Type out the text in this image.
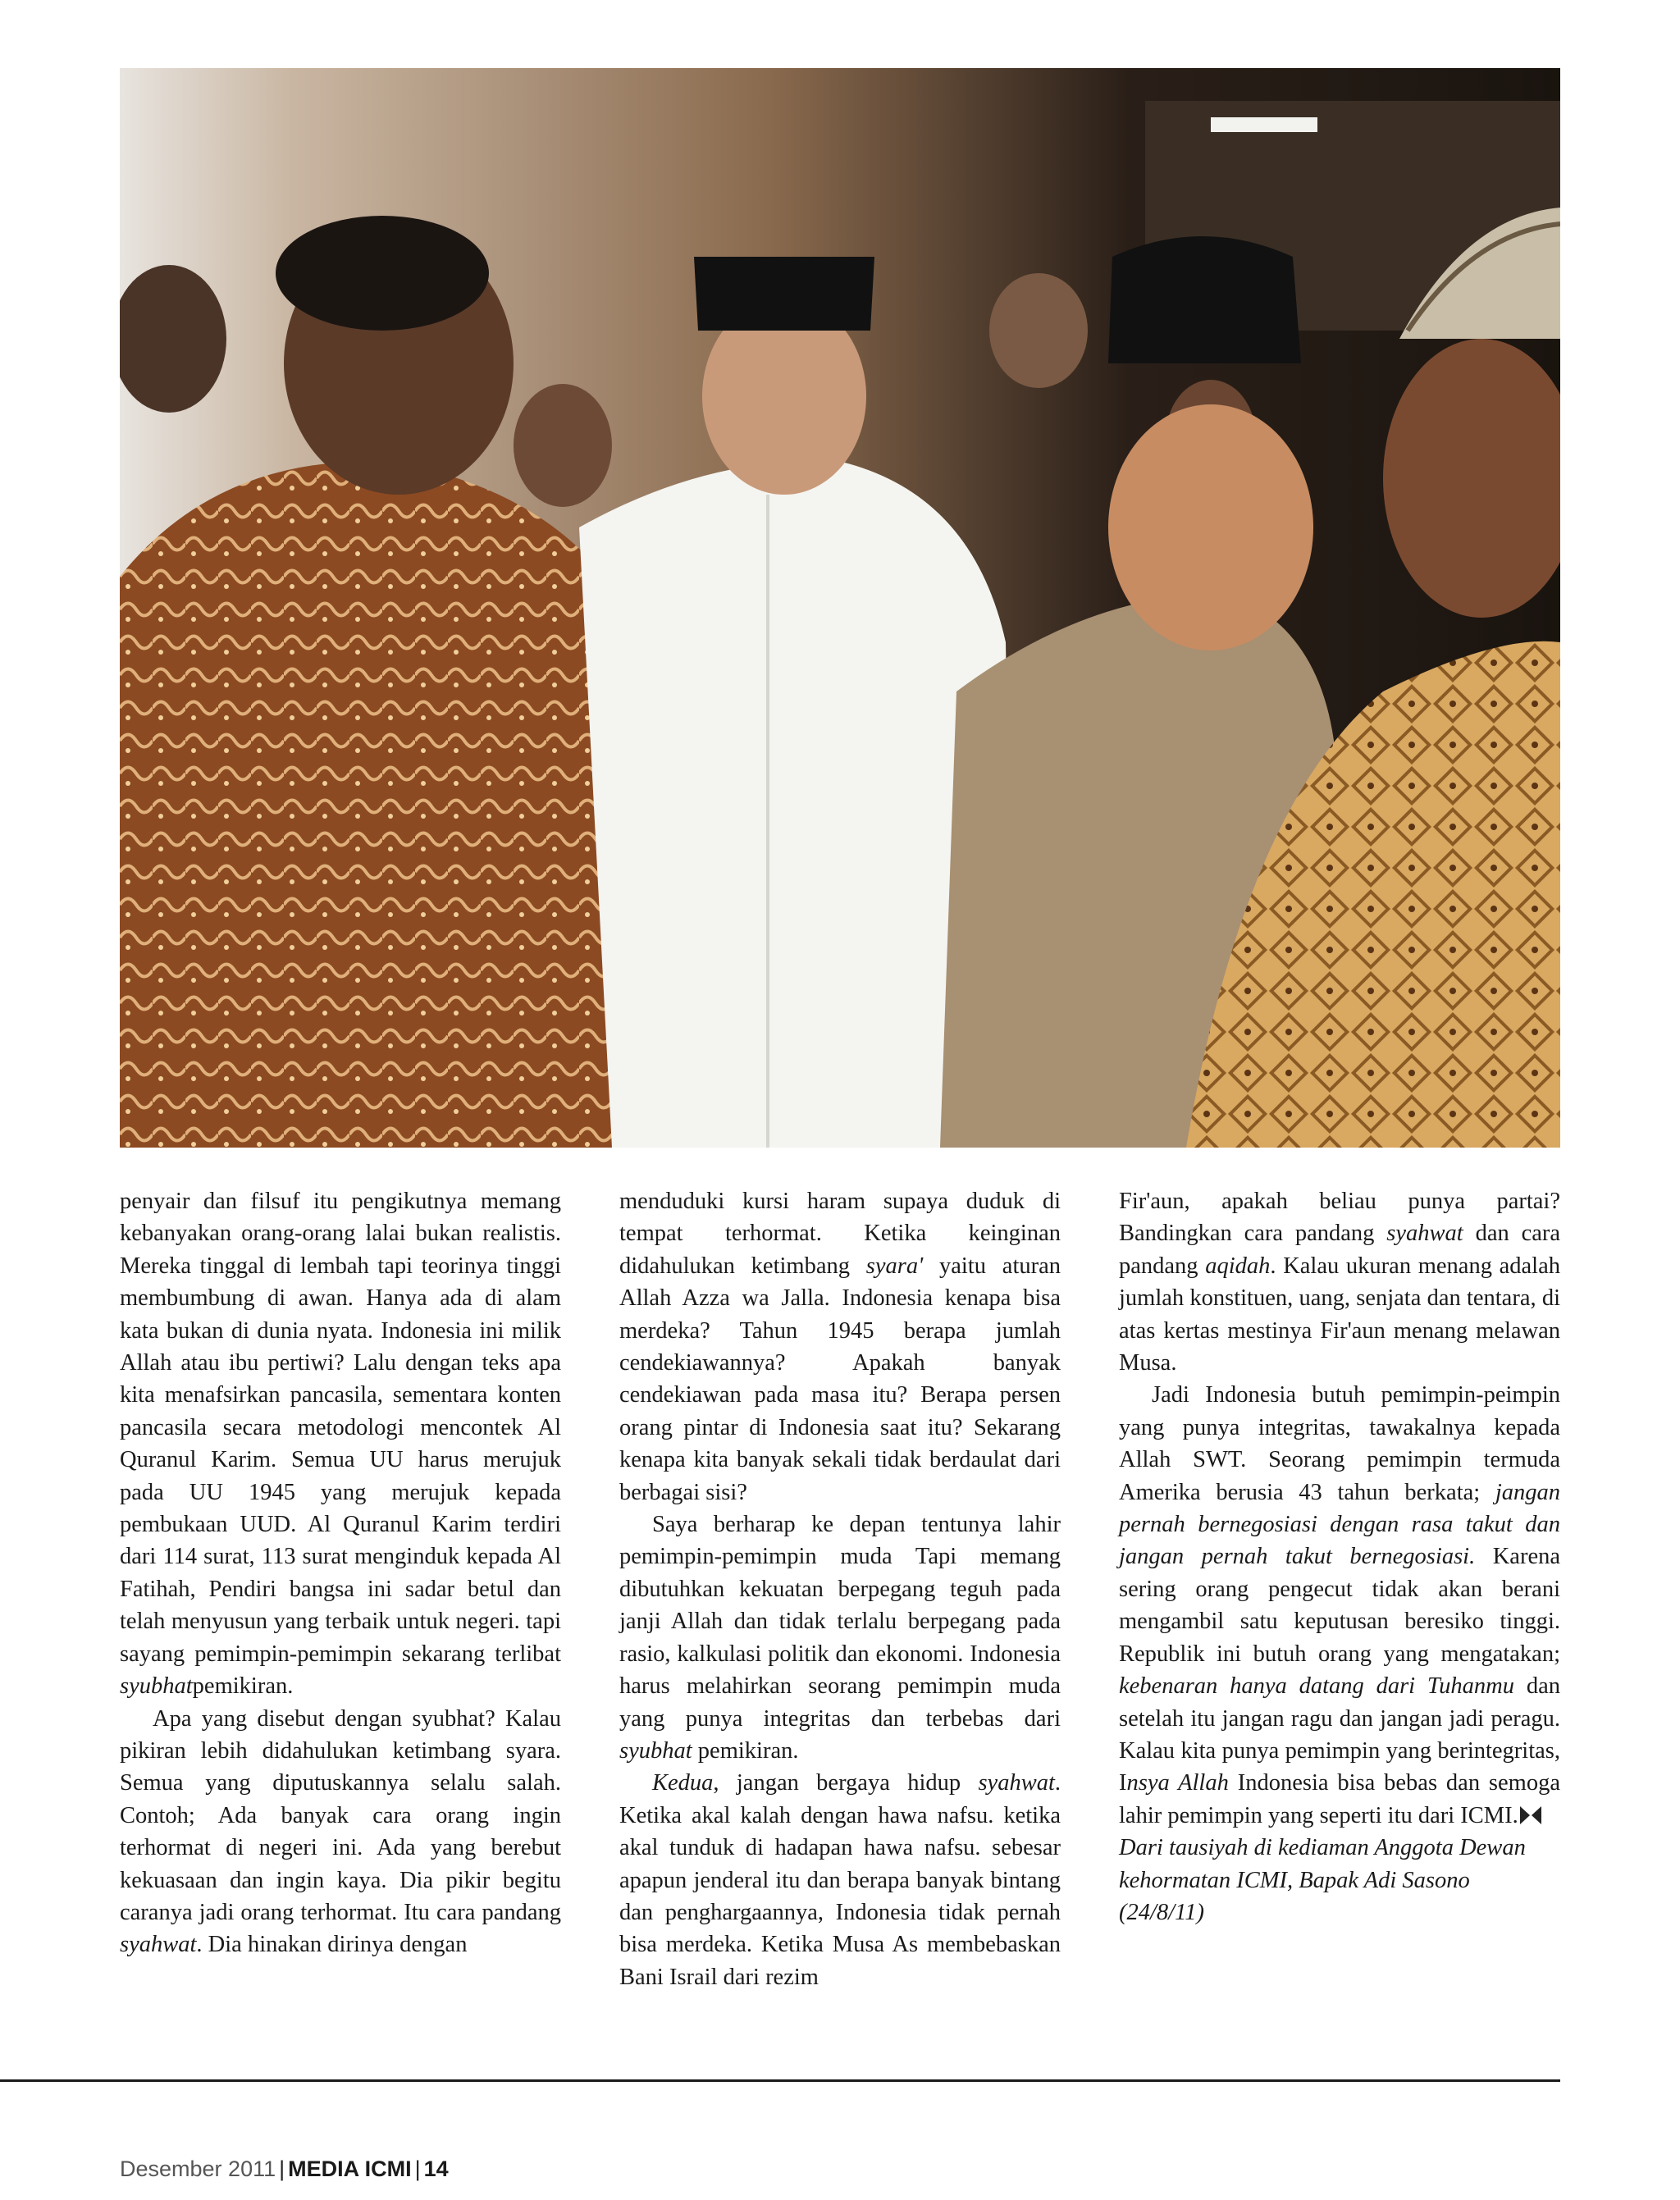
penyair dan filsuf itu pengikutnya memang kebanyakan orang-orang lalai bukan realistis. Mereka tinggal di lembah tapi teorinya tinggi membumbung di awan. Hanya ada di alam kata bukan di dunia nyata. Indonesia ini milik Allah atau ibu pertiwi? Lalu dengan teks apa kita menafsirkan pancasila, sementara konten pancasila secara metodologi mencontek Al Quranul Karim. Semua UU harus merujuk pada UU 1945 yang merujuk kepada pembukaan UUD. Al Quranul Karim terdiri dari 114 surat, 113 surat menginduk kepada Al Fatihah, Pendiri bangsa ini sadar betul dan telah menyusun yang terbaik untuk negeri. tapi sayang pemimpin-pemimpin sekarang terlibat syubhatpemikiran.

Apa yang disebut dengan syubhat? Kalau pikiran lebih didahulukan ketimbang syara. Semua yang diputuskannya selalu salah. Contoh; Ada banyak cara orang ingin terhormat di negeri ini. Ada yang berebut kekuasaan dan ingin kaya. Dia pikir begitu caranya jadi orang terhormat. Itu cara pandang syahwat. Dia hinakan dirinya dengan

menduduki kursi haram supaya duduk di tempat terhormat. Ketika keinginan didahulukan ketimbang syara' yaitu aturan Allah Azza wa Jalla. Indonesia kenapa bisa merdeka? Tahun 1945 berapa jumlah cendekiawannya? Apakah banyak cendekiawan pada masa itu? Berapa persen orang pintar di Indonesia saat itu? Sekarang kenapa kita banyak sekali tidak berdaulat dari berbagai sisi?

Saya berharap ke depan tentunya lahir pemimpin-pemimpin muda Tapi memang dibutuhkan kekuatan berpegang teguh pada janji Allah dan tidak terlalu berpegang pada rasio, kalkulasi politik dan ekonomi. Indonesia harus melahirkan seorang pemimpin muda yang punya integritas dan terbebas dari syubhat pemikiran.

Kedua, jangan bergaya hidup syahwat. Ketika akal kalah dengan hawa nafsu. ketika akal tunduk di hadapan hawa nafsu. sebesar apapun jenderal itu dan berapa banyak bintang dan penghargaannya, Indonesia tidak pernah bisa merdeka. Ketika Musa As membebaskan Bani Israil dari rezim

Fir'aun, apakah beliau punya partai? Bandingkan cara pandang syahwat dan cara pandang aqidah. Kalau ukuran menang adalah jumlah konstituen, uang, senjata dan tentara, di atas kertas mestinya Fir'aun menang melawan Musa.

Jadi Indonesia butuh pemimpin-peimpin yang punya integritas, tawakalnya kepada Allah SWT. Seorang pemimpin termuda Amerika berusia 43 tahun berkata; jangan pernah bernegosiasi dengan rasa takut dan jangan pernah takut bernegosiasi. Karena sering orang pengecut tidak akan berani mengambil satu keputusan beresiko tinggi. Republik ini butuh orang yang mengatakan; kebenaran hanya datang dari Tuhanmu dan setelah itu jangan ragu dan jangan jadi peragu. Kalau kita punya pemimpin yang berintegritas, Insya Allah Indonesia bisa bebas dan semoga lahir pemimpin yang seperti itu dari ICMI.

Dari tausiyah di kediaman Anggota Dewan kehormatan ICMI, Bapak Adi Sasono (24/8/11)

Desember 2011 | MEDIA ICMI | 14
